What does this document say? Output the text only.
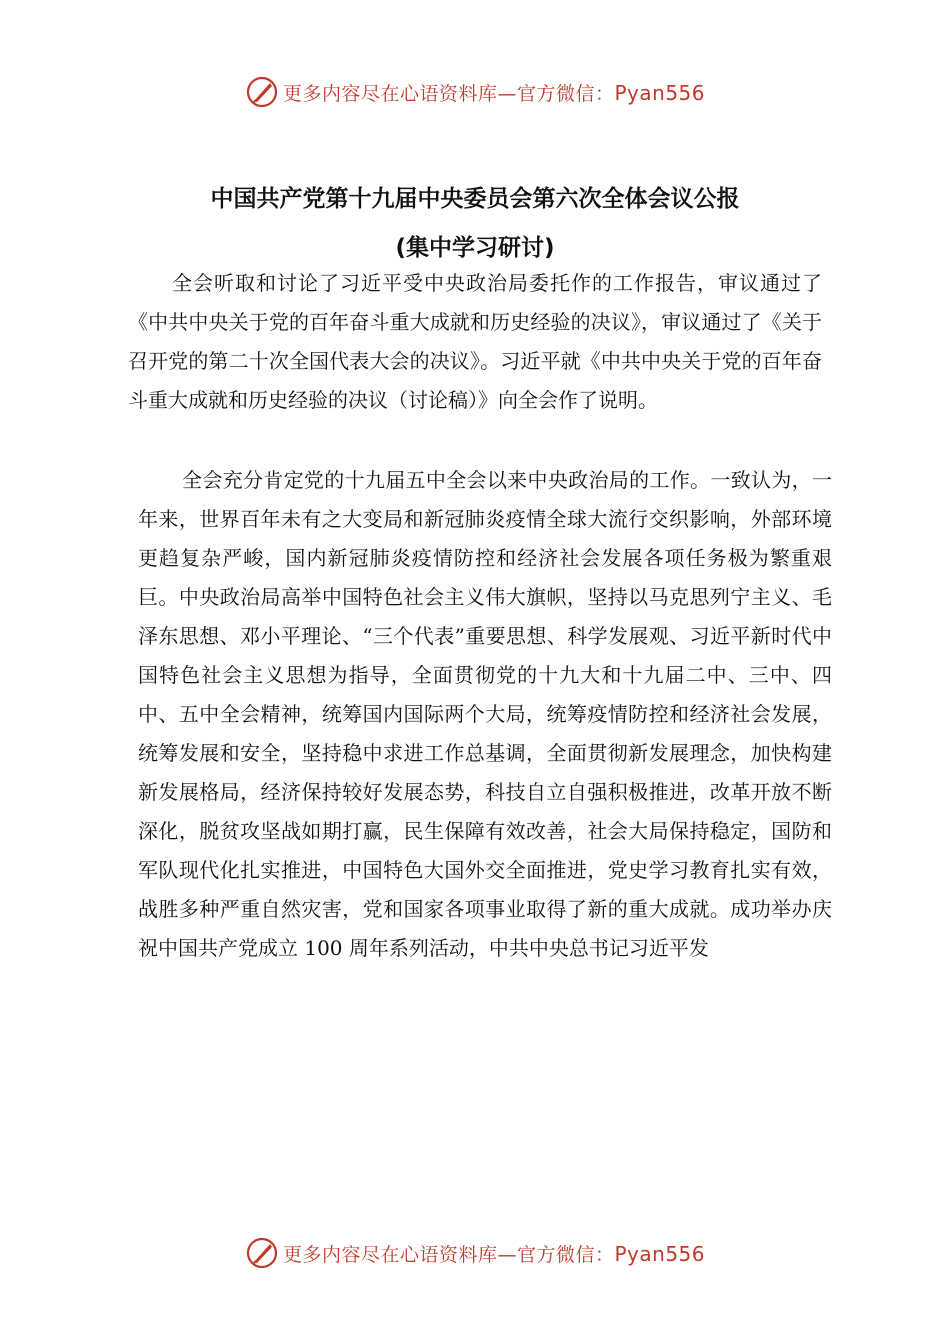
更多内容尽在心语资料库—官方微信：Pyan556
中国共产党第十九届中央委员会第六次全体会议公报
(集中学习研讨)

全会听取和讨论了习近平受中央政治局委托作的工作报告，审议通过了《中共中央关于党的百年奋斗重大成就和历史经验的决议》，审议通过了《关于召开党的第二十次全国代表大会的决议》。习近平就《中共中央关于党的百年奋斗重大成就和历史经验的决议（讨论稿）》向全会作了说明。

全会充分肯定党的十九届五中全会以来中央政治局的工作。一致认为，一年来，世界百年未有之大变局和新冠肺炎疫情全球大流行交织影响，外部环境更趋复杂严峻，国内新冠肺炎疫情防控和经济社会发展各项任务极为繁重艰巨。中央政治局高举中国特色社会主义伟大旗帜，坚持以马克思列宁主义、毛泽东思想、邓小平理论、“三个代表”重要思想、科学发展观、习近平新时代中国特色社会主义思想为指导，全面贯彻党的十九大和十九届二中、三中、四中、五中全会精神，统筹国内国际两个大局，统筹疫情防控和经济社会发展，统筹发展和安全，坚持稳中求进工作总基调，全面贯彻新发展理念，加快构建新发展格局，经济保持较好发展态势，科技自立自强积极推进，改革开放不断深化，脱贫攻坚战如期打赢，民生保障有效改善，社会大局保持稳定，国防和军队现代化扎实推进，中国特色大国外交全面推进，党史学习教育扎实有效， 战胜多种严重自然灾害，党和国家各项事业取得了新的重大成就。成功举办庆祝中国共产党成立 100 周年系列活动，中共中央总书记习近平发

更多内容尽在心语资料库—官方微信：Pyan556
